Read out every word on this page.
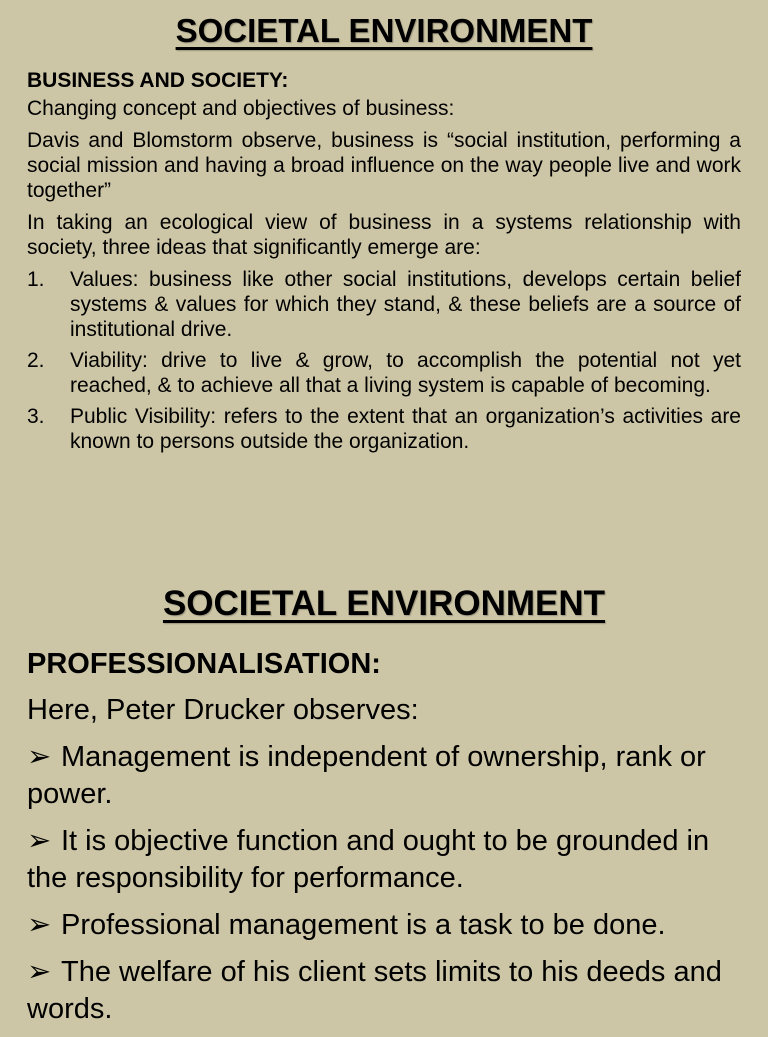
SOCIETAL ENVIRONMENT
BUSINESS AND SOCIETY:

Changing concept and objectives of business:

Davis and Blomstorm observe, business is “social institution, performing a social mission and having a broad influence on the way people live and work together”

In taking an ecological view of business in a systems relationship with society, three ideas that significantly emerge are:

1. Values: business like other social institutions, develops certain belief systems & values for which they stand, & these beliefs are a source of institutional drive.
2. Viability: drive to live & grow, to accomplish the potential not yet reached, & to achieve all that a living system is capable of becoming.
3. Public Visibility: refers to the extent that an organization’s activities are known to persons outside the organization.
SOCIETAL ENVIRONMENT
PROFESSIONALISATION:

Here, Peter Drucker observes:

➢ Management is independent of ownership, rank or power.
➢ It is objective function and ought to be grounded in the responsibility for performance.
➢ Professional management is a task to be done.
➢ The welfare of his client sets limits to his deeds and words.
